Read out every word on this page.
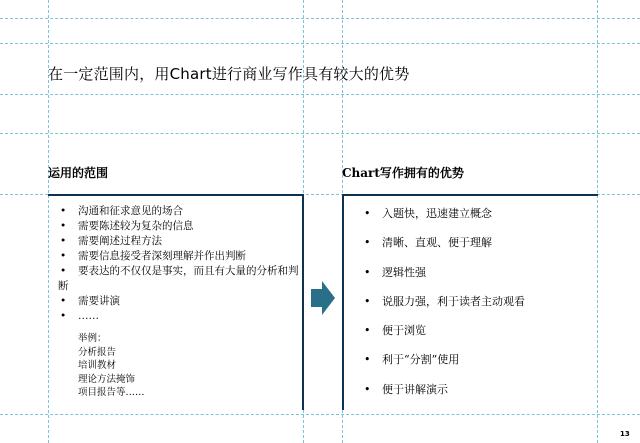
在一定范围内，用Chart进行商业写作具有较大的优势
运用的范围	Chart写作拥有的优势
• 沟通和征求意见的场合
• 需要陈述较为复杂的信息
• 需要阐述过程方法
• 需要信息接受者深刻理解并作出判断
• 要表达的不仅仅是事实，而且有大量的分析和判断
• 需要讲演
• ……
举例：
分析报告
培训教材
理论方法掩饰
项目报告等……
• 入题快，迅速建立概念
• 清晰、直观、便于理解
• 逻辑性强
• 说服力强，利于读者主动观看
• 便于浏览
• 利于“分割”使用
• 便于讲解演示
13
